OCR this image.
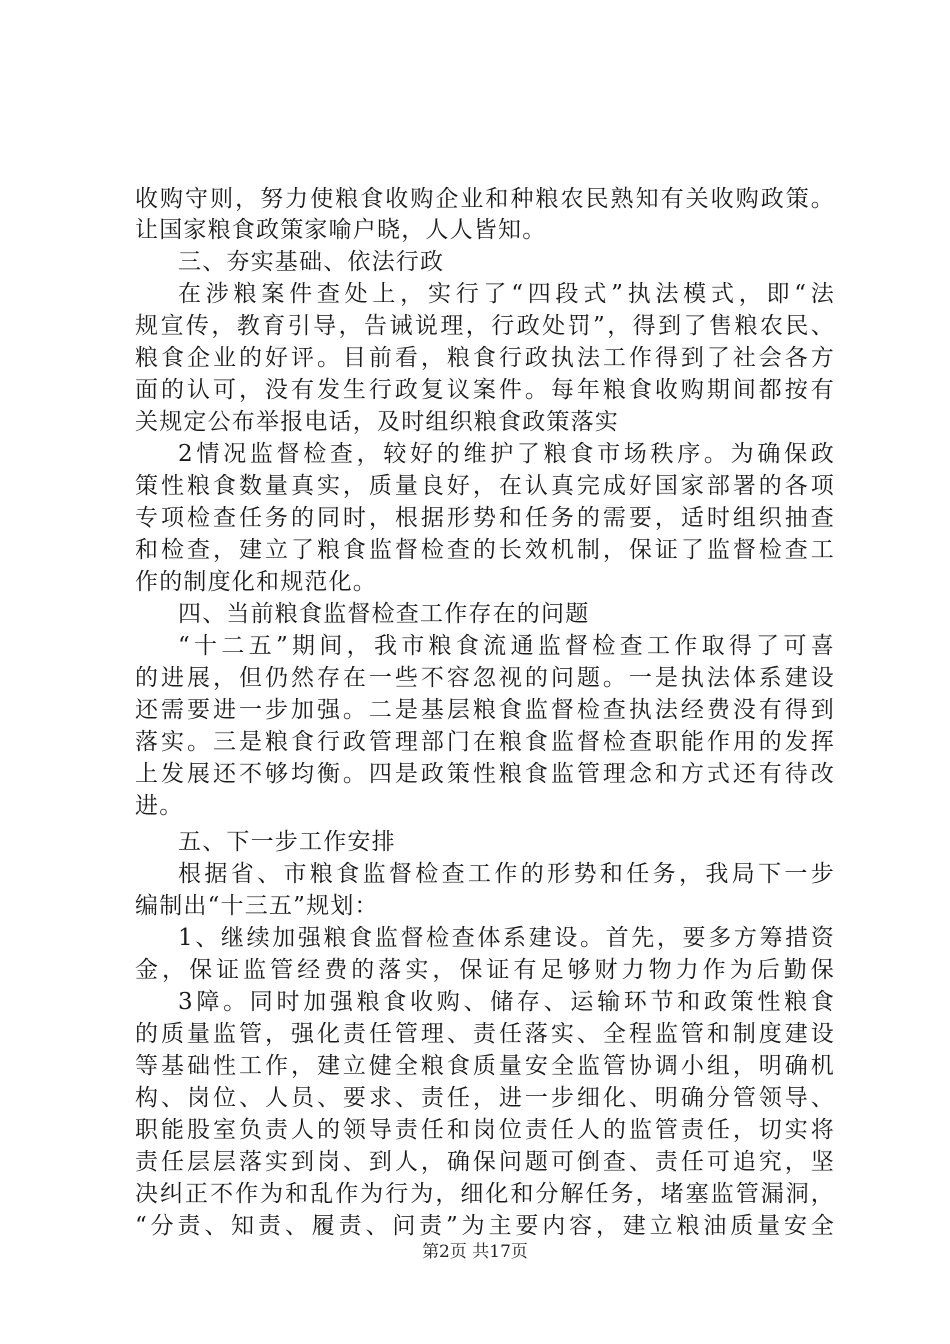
收购守则，努力使粮食收购企业和种粮农民熟知有关收购政策。
让国家粮食政策家喻户晓，人人皆知。
三、夯实基础、依法行政
在涉粮案件查处上，实行了“四段式”执法模式，即“法
规宣传，教育引导，告诫说理，行政处罚”，得到了售粮农民、
粮食企业的好评。目前看，粮食行政执法工作得到了社会各方
面的认可，没有发生行政复议案件。每年粮食收购期间都按有
关规定公布举报电话，及时组织粮食政策落实
2情况监督检查，较好的维护了粮食市场秩序。为确保政
策性粮食数量真实，质量良好，在认真完成好国家部署的各项
专项检查任务的同时，根据形势和任务的需要，适时组织抽查
和检查，建立了粮食监督检查的长效机制，保证了监督检查工
作的制度化和规范化。
四、当前粮食监督检查工作存在的问题
“十二五”期间，我市粮食流通监督检查工作取得了可喜
的进展，但仍然存在一些不容忽视的问题。一是执法体系建设
还需要进一步加强。二是基层粮食监督检查执法经费没有得到
落实。三是粮食行政管理部门在粮食监督检查职能作用的发挥
上发展还不够均衡。四是政策性粮食监管理念和方式还有待改
进。
五、下一步工作安排
根据省、市粮食监督检查工作的形势和任务，我局下一步
编制出“十三五”规划：
1、继续加强粮食监督检查体系建设。首先，要多方筹措资
金，保证监管经费的落实，保证有足够财力物力作为后勤保
3障。同时加强粮食收购、储存、运输环节和政策性粮食
的质量监管，强化责任管理、责任落实、全程监管和制度建设
等基础性工作，建立健全粮食质量安全监管协调小组，明确机
构、岗位、人员、要求、责任，进一步细化、明确分管领导、
职能股室负责人的领导责任和岗位责任人的监管责任，切实将
责任层层落实到岗、到人，确保问题可倒查、责任可追究，坚
决纠正不作为和乱作为行为，细化和分解任务，堵塞监管漏洞，
“分责、知责、履责、问责”为主要内容，建立粮油质量安全
第2页 共17页
